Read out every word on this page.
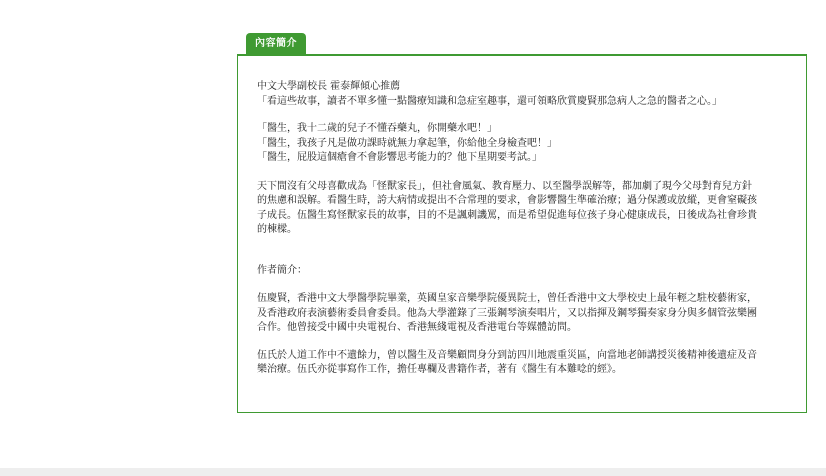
內容簡介

中文大學副校長 霍泰輝傾心推薦

「看這些故事，讀者不單多懂一點醫療知識和急症室趣事，還可領略欣賞慶賢那急病人之急的醫者之心。」

「醫生，我十二歲的兒子不懂吞藥丸，你開藥水吧！」

「醫生，我孩子凡是做功課時就無力拿起筆，你給他全身檢查吧！」

「醫生，屁股這個瘡會不會影響思考能力的？他下星期要考試。」

天下間沒有父母喜歡成為「怪獸家長」，但社會風氣、教育壓力、以至醫學誤解等，都加劇了現今父母對育兒方針

的焦慮和誤解。看醫生時，誇大病情或提出不合常理的要求，會影響醫生準確治療；過分保護或放縱，更會窒礙孩

子成長。伍醫生寫怪獸家長的故事，目的不是諷刺譏罵，而是希望促進每位孩子身心健康成長，日後成為社會珍貴

的棟樑。

作者簡介：

伍慶賢，香港中文大學醫學院畢業，英國皇家音樂學院優異院士，曾任香港中文大學校史上最年輕之駐校藝術家，

及香港政府表演藝術委員會委員。他為大學灌錄了三張鋼琴演奏唱片，又以指揮及鋼琴獨奏家身分與多個管弦樂團

合作。他曾接受中國中央電視台、香港無綫電視及香港電台等媒體訪問。

伍氏於人道工作中不遺餘力，曾以醫生及音樂顧問身分到訪四川地震重災區，向當地老師講授災後精神後遺症及音

樂治療。伍氏亦從事寫作工作，擔任專欄及書籍作者，著有《醫生有本難唸的經》。
